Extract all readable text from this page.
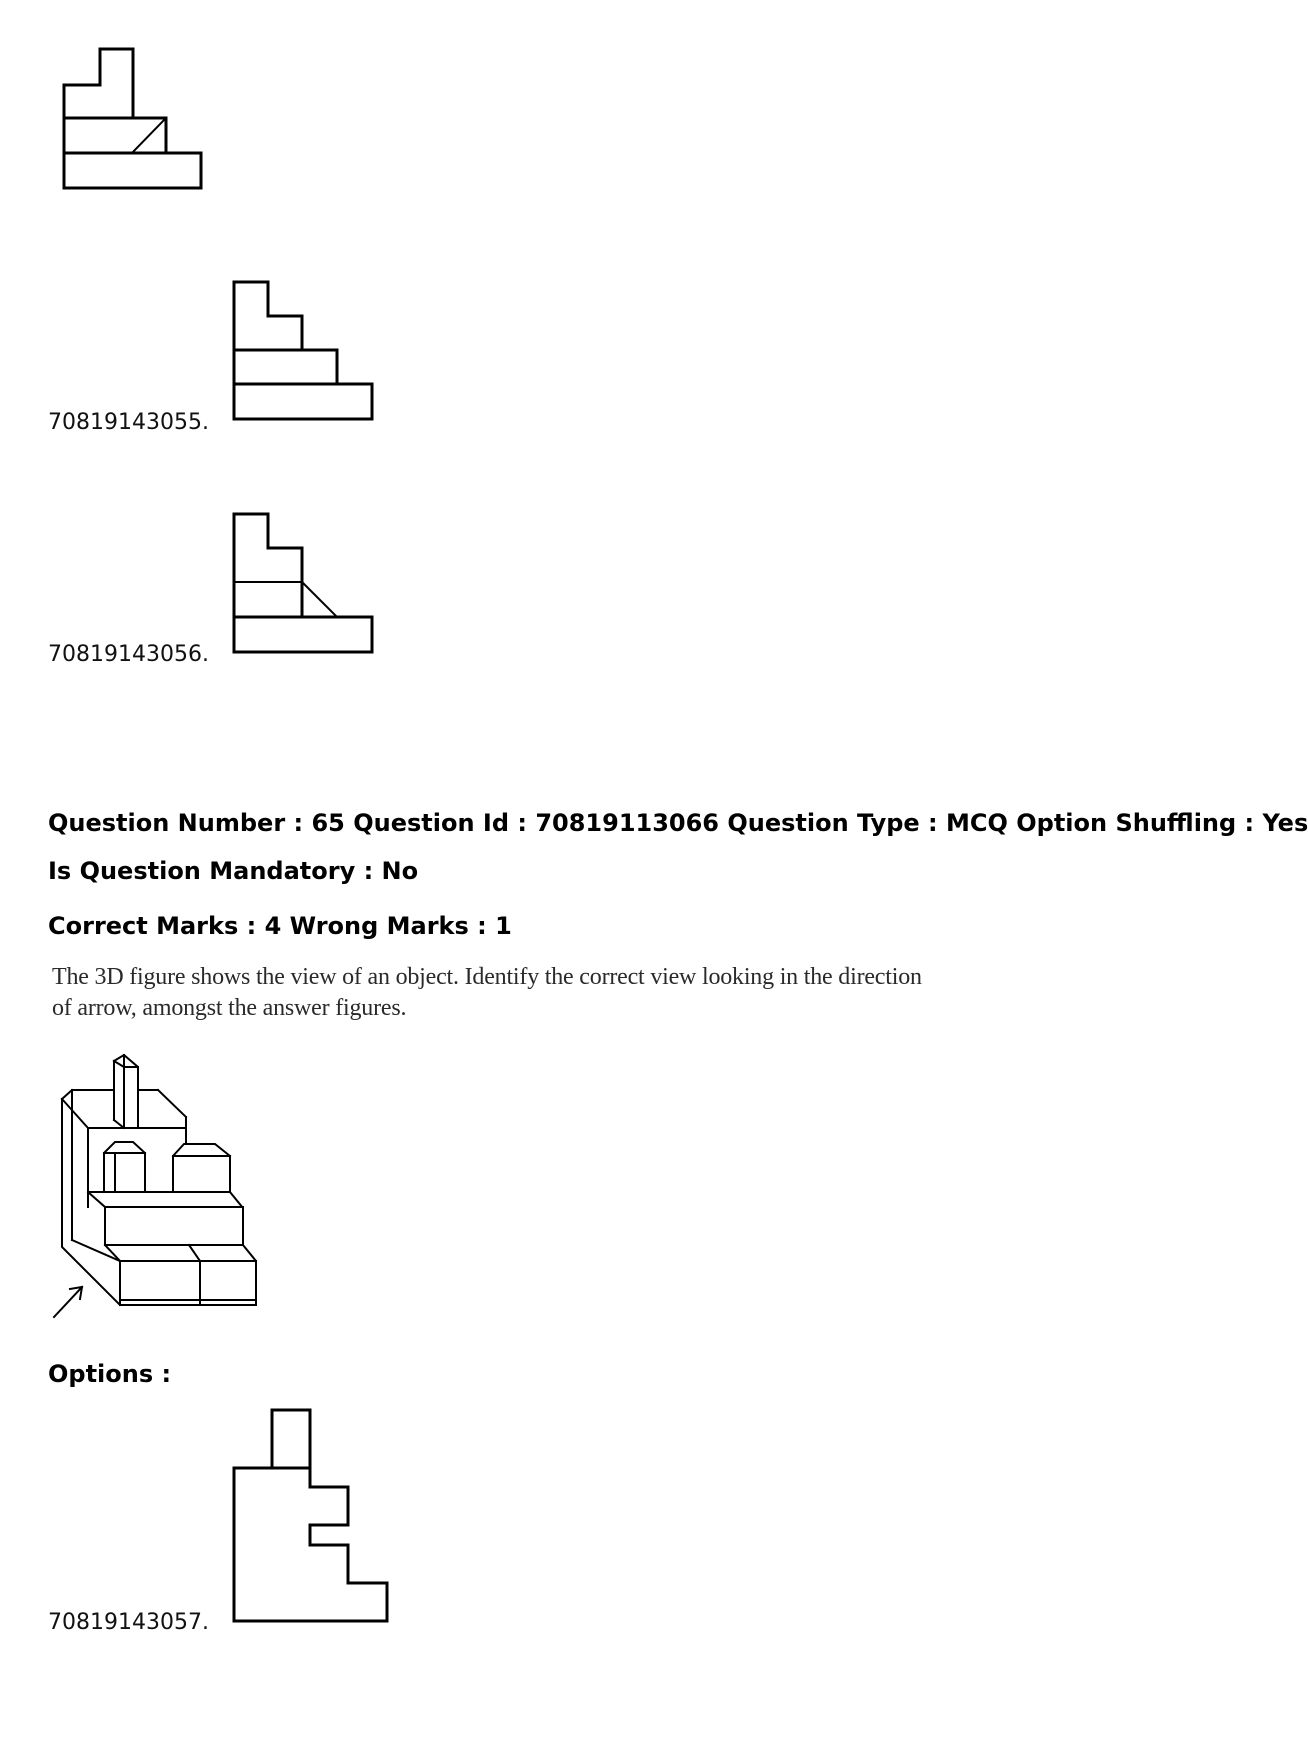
70819143055.
70819143056.
Question Number : 65 Question Id : 70819113066 Question Type : MCQ Option Shuffling : Yes
Is Question Mandatory : No
Correct Marks : 4 Wrong Marks : 1
The 3D figure shows the view of an object. Identify the correct view looking in the direction
of arrow, amongst the answer figures.
Options :
70819143057.
